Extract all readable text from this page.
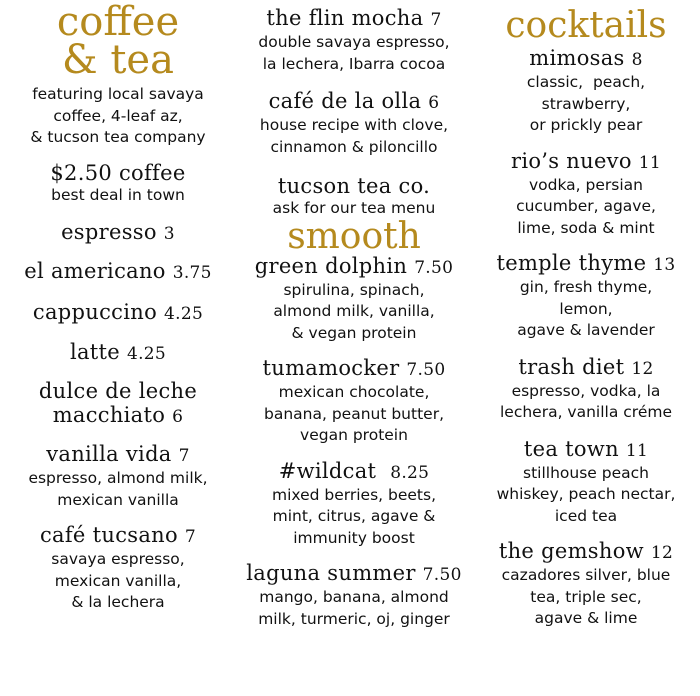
coffee
& tea
featuring local savaya
coffee, 4-leaf az,
& tucson tea company
$2.50 coffee
best deal in town
espresso 3
el americano 3.75
cappuccino 4.25
latte 4.25
dulce de leche
macchiato 6
vanilla vida 7
espresso, almond milk,
mexican vanilla
café tucsano 7
savaya espresso,
mexican vanilla,
& la lechera
the flin mocha 7
double savaya espresso,
la lechera, Ibarra cocoa
café de la olla 6
house recipe with clove,
cinnamon & piloncillo
tucson tea co.
ask for our tea menu
smooth
green dolphin 7.50
spirulina, spinach,
almond milk, vanilla,
& vegan protein
tumamocker 7.50
mexican chocolate,
banana, peanut butter,
vegan protein
#wildcat 8.25
mixed berries, beets,
mint, citrus, agave &
immunity boost
laguna summer 7.50
mango, banana, almond
milk, turmeric, oj, ginger
cocktails
mimosas 8
classic,  peach,
strawberry,
or prickly pear
rio’s nuevo 11
vodka, persian
cucumber, agave,
lime, soda & mint
temple thyme 13
gin, fresh thyme,
lemon,
agave & lavender
trash diet 12
espresso, vodka, la
lechera, vanilla créme
tea town 11
stillhouse peach
whiskey, peach nectar,
iced tea
the gemshow 12
cazadores silver, blue
tea, triple sec,
agave & lime
